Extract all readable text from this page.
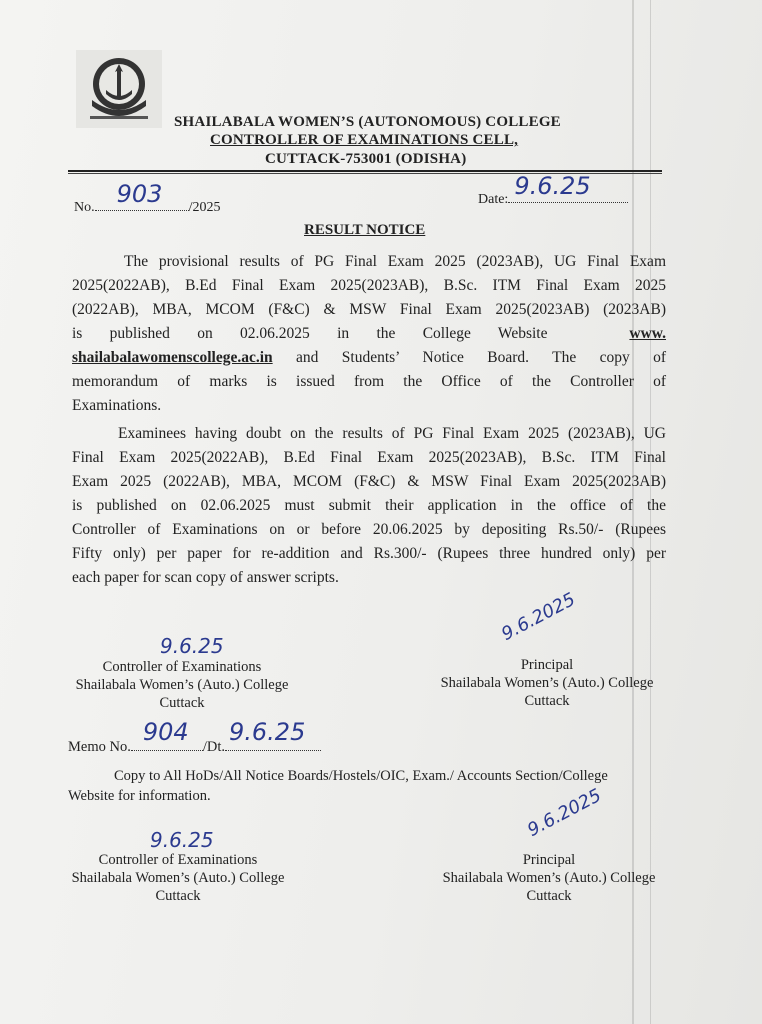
SHAILABALA WOMEN’S (AUTONOMOUS) COLLEGE
CONTROLLER OF EXAMINATIONS CELL,
CUTTACK-753001 (ODISHA)
No. 903 /2025
Date: 9.6.25
RESULT NOTICE
The provisional results of PG Final Exam 2025 (2023AB), UG Final Exam
2025(2022AB), B.Ed Final Exam 2025(2023AB), B.Sc. ITM Final Exam 2025
(2022AB), MBA, MCOM (F&C) & MSW Final Exam 2025(2023AB) (2023AB)
is published on 02.06.2025 in the College Website	www.
shailabalawomenscollege.ac.in and Students’ Notice Board. The copy of
memorandum of marks is issued from the Office of the Controller of
Examinations.
Examinees having doubt on the results of PG Final Exam 2025 (2023AB), UG
Final Exam 2025(2022AB), B.Ed Final Exam 2025(2023AB), B.Sc. ITM Final
Exam 2025 (2022AB), MBA, MCOM (F&C) & MSW Final Exam 2025(2023AB)
is published on 02.06.2025 must submit their application in the office of the
Controller of Examinations on or before 20.06.2025 by depositing Rs.50/- (Rupees
Fifty only) per paper for re-addition and Rs.300/- (Rupees three hundred only) per
each paper for scan copy of answer scripts.
9.6.25
Controller of Examinations
Shailabala Women’s (Auto.) College
Cuttack
9.6.2025
Principal
Shailabala Women’s (Auto.) College
Cuttack
Memo No.
904
/Dt.
9.6.25
Copy to All HoDs/All Notice Boards/Hostels/OIC, Exam./ Accounts Section/College
Website for information.
9.6.25
Controller of Examinations
Shailabala Women’s (Auto.) College
Cuttack
9.6.2025
Principal
Shailabala Women’s (Auto.) College
Cuttack
